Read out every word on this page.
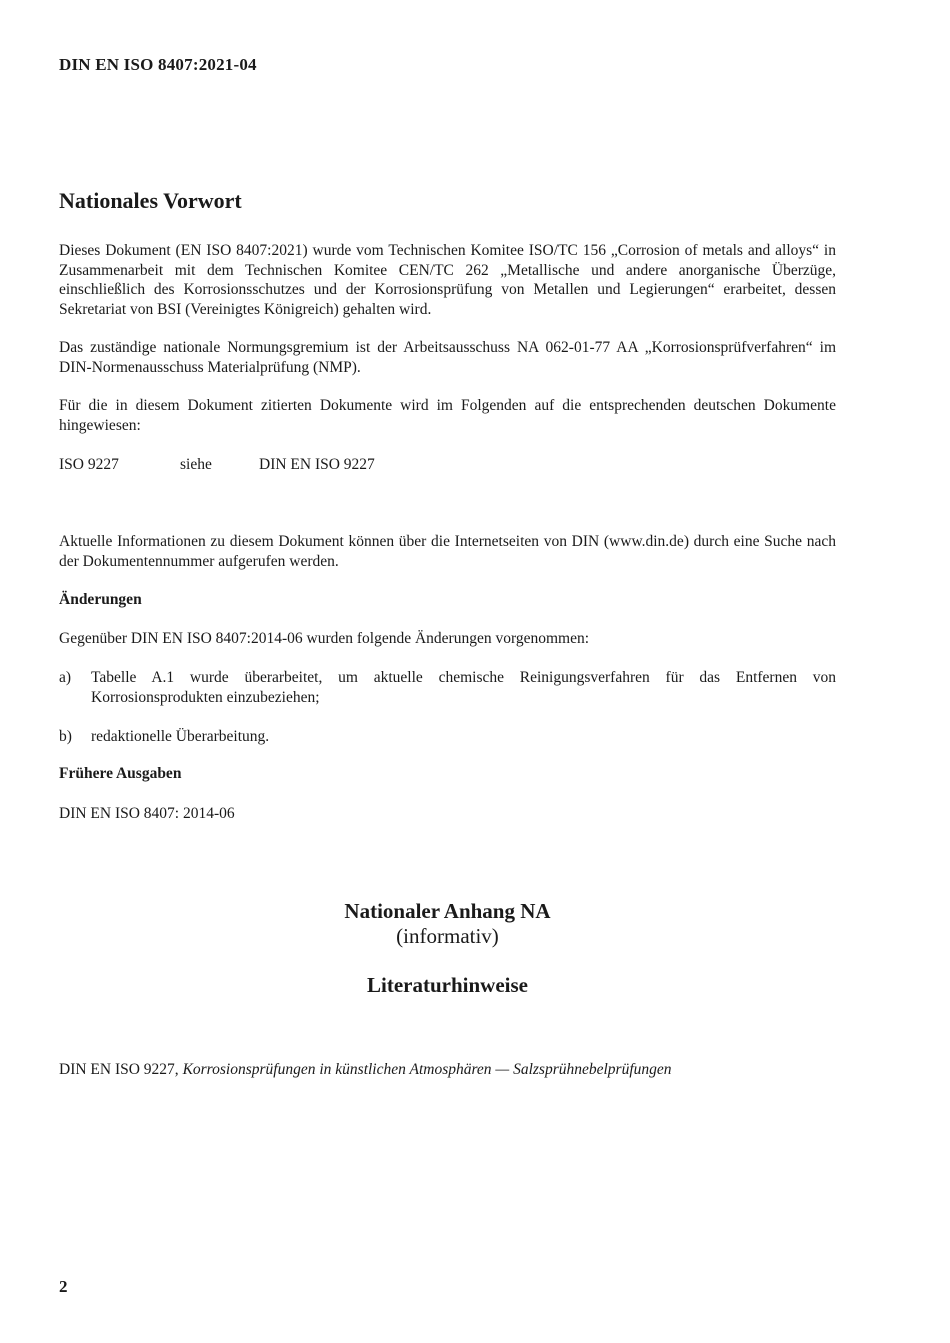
DIN EN ISO 8407:2021-04
Nationales Vorwort
Dieses Dokument (EN ISO 8407:2021) wurde vom Technischen Komitee ISO/TC 156 „Corrosion of metals and alloys“ in Zusammenarbeit mit dem Technischen Komitee CEN/TC 262 „Metallische und andere anorganische Überzüge, einschließlich des Korrosionsschutzes und der Korrosionsprüfung von Metallen und Legierungen“ erarbeitet, dessen Sekretariat von BSI (Vereinigtes Königreich) gehalten wird.
Das zuständige nationale Normungsgremium ist der Arbeitsausschuss NA 062-01-77 AA „Korrosionsprüfverfahren“ im DIN-Normenausschuss Materialprüfung (NMP).
Für die in diesem Dokument zitierten Dokumente wird im Folgenden auf die entsprechenden deutschen Dokumente hingewiesen:
ISO 9227	siehe	DIN EN ISO 9227
Aktuelle Informationen zu diesem Dokument können über die Internetseiten von DIN (www.din.de) durch eine Suche nach der Dokumentennummer aufgerufen werden.
Änderungen
Gegenüber DIN EN ISO 8407:2014-06 wurden folgende Änderungen vorgenommen:
a) Tabelle A.1 wurde überarbeitet, um aktuelle chemische Reinigungsverfahren für das Entfernen von Korrosionsprodukten einzubeziehen;
b) redaktionelle Überarbeitung.
Frühere Ausgaben
DIN EN ISO 8407: 2014-06
Nationaler Anhang NA
(informativ)
Literaturhinweise
DIN EN ISO 9227, Korrosionsprüfungen in künstlichen Atmosphären — Salzsprühnebelprüfungen
2
